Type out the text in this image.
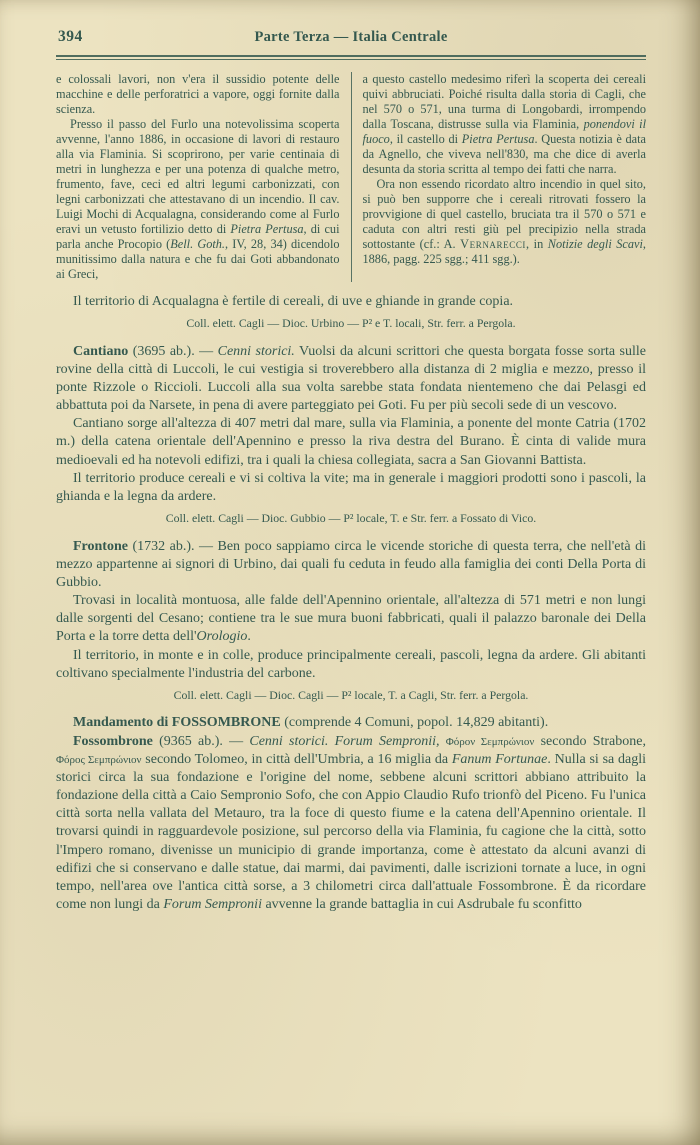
394	Parte Terza — Italia Centrale

e colossali lavori, non v'era il sussidio potente delle macchine e delle perforatrici a vapore, oggi fornite dalla scienza.

Presso il passo del Furlo una notevolissima scoperta avvenne, l'anno 1886, in occasione di lavori di restauro alla via Flaminia. Si scoprirono, per varie centinaia di metri in lunghezza e per una potenza di qualche metro, frumento, fave, ceci ed altri legumi carbonizzati, con legni carbonizzati che attestavano di un incendio. Il cav. Luigi Mochi di Acqualagna, considerando come al Furlo eravi un vetusto fortilizio detto di Pietra Pertusa, di cui parla anche Procopio (Bell. Goth., IV, 28, 34) dicendolo munitissimo dalla natura e che fu dai Goti abbandonato ai Greci,

a questo castello medesimo riferì la scoperta dei cereali quivi abbruciati. Poiché risulta dalla storia di Cagli, che nel 570 o 571, una turma di Longobardi, irrompendo dalla Toscana, distrusse sulla via Flaminia, ponendovi il fuoco, il castello di Pietra Pertusa. Questa notizia è data da Agnello, che viveva nell'830, ma che dice di averla desunta da storia scritta al tempo dei fatti che narra.

Ora non essendo ricordato altro incendio in quel sito, si può ben supporre che i cereali ritrovati fossero la provvigione di quel castello, bruciata tra il 570 o 571 e caduta con altri resti giù pel precipizio nella strada sottostante (cf.: A. Vernarecci, in Notizie degli Scavi, 1886, pagg. 225 sgg.; 411 sgg.).

Il territorio di Acqualagna è fertile di cereali, di uve e ghiande in grande copia.

Coll. elett. Cagli — Dioc. Urbino — P² e T. locali, Str. ferr. a Pergola.

Cantiano (3695 ab.). — Cenni storici. Vuolsi da alcuni scrittori che questa borgata fosse sorta sulle rovine della città di Luccoli, le cui vestigia si troverebbero alla distanza di 2 miglia e mezzo, presso il ponte Rizzole o Riccioli. Luccoli alla sua volta sarebbe stata fondata nientemeno che dai Pelasgi ed abbattuta poi da Narsete, in pena di avere parteggiato pei Goti. Fu per più secoli sede di un vescovo.

Cantiano sorge all'altezza di 407 metri dal mare, sulla via Flaminia, a ponente del monte Catria (1702 m.) della catena orientale dell'Apennino e presso la riva destra del Burano. È cinta di valide mura medioevali ed ha notevoli edifizi, tra i quali la chiesa collegiata, sacra a San Giovanni Battista.

Il territorio produce cereali e vi si coltiva la vite; ma in generale i maggiori prodotti sono i pascoli, la ghianda e la legna da ardere.

Coll. elett. Cagli — Dioc. Gubbio — P² locale, T. e Str. ferr. a Fossato di Vico.

Frontone (1732 ab.). — Ben poco sappiamo circa le vicende storiche di questa terra, che nell'età di mezzo appartenne ai signori di Urbino, dai quali fu ceduta in feudo alla famiglia dei conti Della Porta di Gubbio.

Trovasi in località montuosa, alle falde dell'Apennino orientale, all'altezza di 571 metri e non lungi dalle sorgenti del Cesano; contiene tra le sue mura buoni fabbricati, quali il palazzo baronale dei Della Porta e la torre detta dell'Orologio.

Il territorio, in monte e in colle, produce principalmente cereali, pascoli, legna da ardere. Gli abitanti coltivano specialmente l'industria del carbone.

Coll. elett. Cagli — Dioc. Cagli — P² locale, T. a Cagli, Str. ferr. a Pergola.

Mandamento di FOSSOMBRONE (comprende 4 Comuni, popol. 14,829 abitanti).

Fossombrone (9365 ab.). — Cenni storici. Forum Sempronii, Φόρον Σεμπρώνιον secondo Strabone, Φόρος Σεμπρώνιον secondo Tolomeo, in città dell'Umbria, a 16 miglia da Fanum Fortunae. Nulla si sa dagli storici circa la sua fondazione e l'origine del nome, sebbene alcuni scrittori abbiano attribuito la fondazione della città a Caio Sempronio Sofo, che con Appio Claudio Rufo trionfò del Piceno. Fu l'unica città sorta nella vallata del Metauro, tra la foce di questo fiume e la catena dell'Apennino orientale. Il trovarsi quindi in ragguardevole posizione, sul percorso della via Flaminia, fu cagione che la città, sotto l'Impero romano, divenisse un municipio di grande importanza, come è attestato da alcuni avanzi di edifizi che si conservano e dalle statue, dai marmi, dai pavimenti, dalle iscrizioni tornate a luce, in ogni tempo, nell'area ove l'antica città sorse, a 3 chilometri circa dall'attuale Fossombrone. È da ricordare come non lungi da Forum Sempronii avvenne la grande battaglia in cui Asdrubale fu sconfitto
